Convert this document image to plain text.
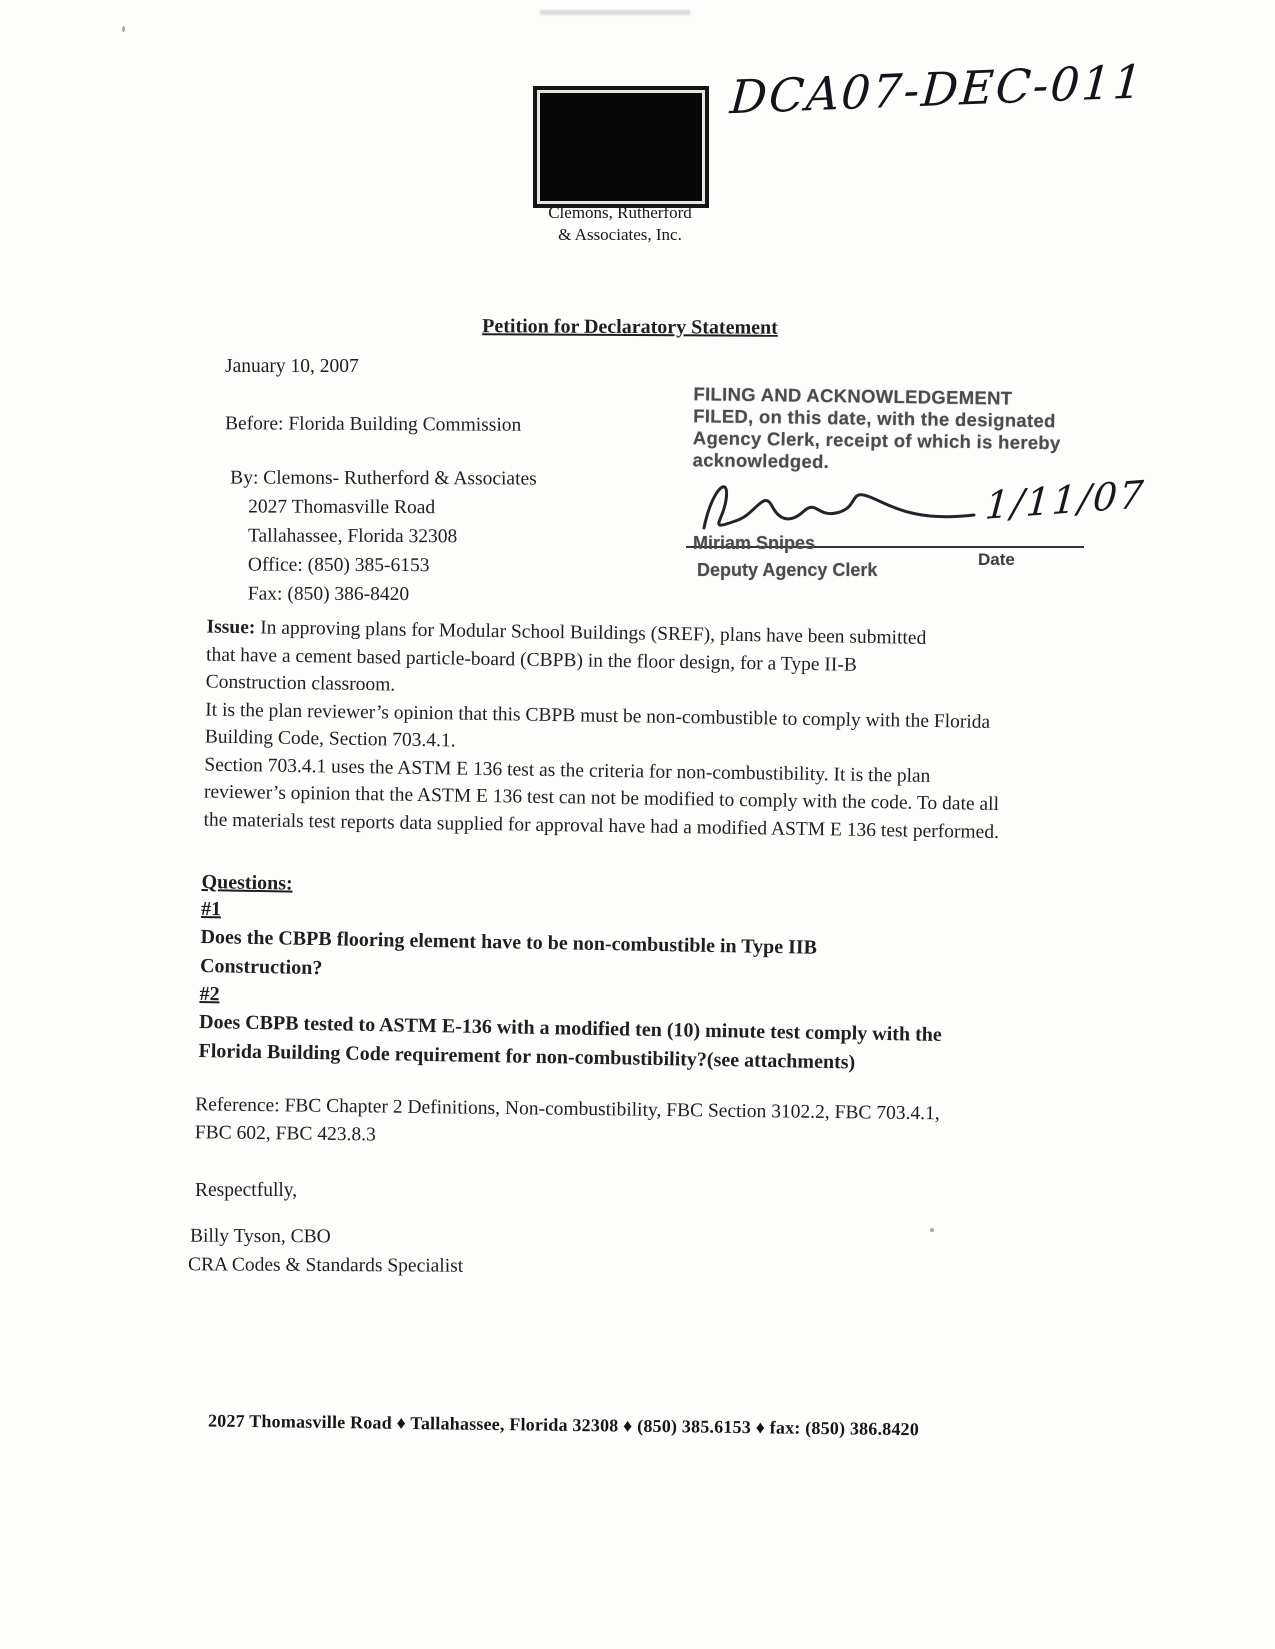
DCA07-DEC-011
Clemons, Rutherford
& Associates, Inc.
Petition for Declaratory Statement
January 10, 2007
Before: Florida Building Commission
By: Clemons- Rutherford & Associates
2027 Thomasville Road
Tallahassee, Florida 32308
Office: (850) 385-6153
Fax: (850) 386-8420
FILING AND ACKNOWLEDGEMENT
FILED, on this date, with the designated
Agency Clerk, receipt of which is hereby
acknowledged.
1/11/07
Miriam Snipes
Deputy Agency Clerk
Date

Issue: In approving plans for Modular School Buildings (SREF), plans have been submitted that have a cement based particle-board (CBPB) in the floor design, for a Type II-B Construction classroom.

It is the plan reviewer’s opinion that this CBPB must be non-combustible to comply with the Florida Building Code, Section 703.4.1.

Section 703.4.1 uses the ASTM E 136 test as the criteria for non-combustibility. It is the plan reviewer’s opinion that the ASTM E 136 test can not be modified to comply with the code. To date all the materials test reports data supplied for approval have had a modified ASTM E 136 test performed.

Questions:
#1

Does the CBPB flooring element have to be non-combustible in Type IIB Construction?

#2

Does CBPB tested to ASTM E-136 with a modified ten (10) minute test comply with the Florida Building Code requirement for non-combustibility?(see attachments)

Reference: FBC Chapter 2 Definitions, Non-combustibility, FBC Section 3102.2, FBC 703.4.1, FBC 602, FBC 423.8.3
Respectfully,
Billy Tyson, CBO
CRA Codes & Standards Specialist
2027 Thomasville Road ♦ Tallahassee, Florida 32308 ♦ (850) 385.6153 ♦ fax: (850) 386.8420
